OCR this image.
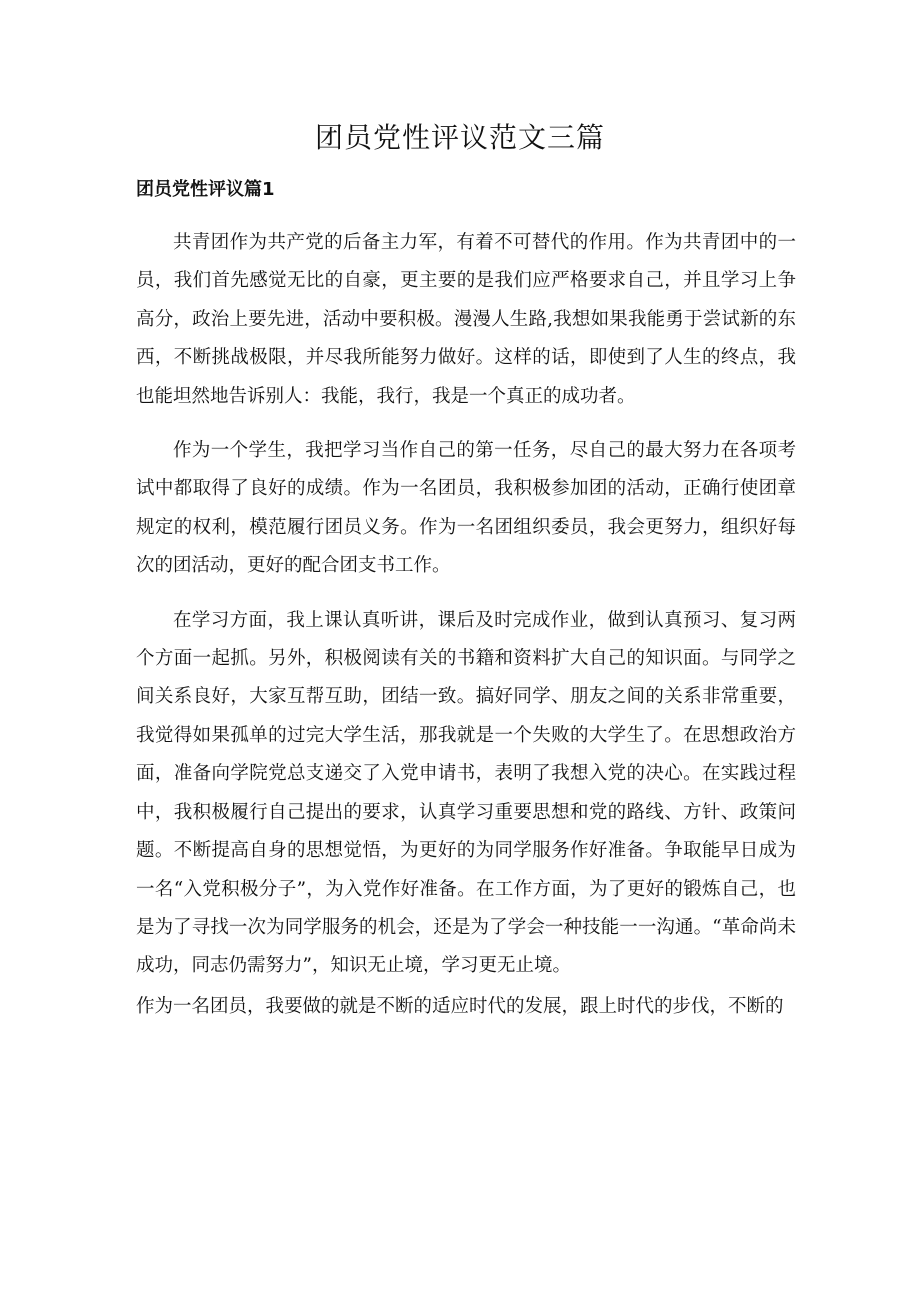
团员党性评议范文三篇
团员党性评议篇1

共青团作为共产党的后备主力军，有着不可替代的作用。作为共青团中的一员，我们首先感觉无比的自豪，更主要的是我们应严格要求自己，并且学习上争高分，政治上要先进，活动中要积极。漫漫人生路,我想如果我能勇于尝试新的东西，不断挑战极限，并尽我所能努力做好。这样的话，即使到了人生的终点，我也能坦然地告诉别人：我能，我行，我是一个真正的成功者。

作为一个学生，我把学习当作自己的第一任务，尽自己的最大努力在各项考试中都取得了良好的成绩。作为一名团员，我积极参加团的活动，正确行使团章规定的权利，模范履行团员义务。作为一名团组织委员，我会更努力，组织好每次的团活动，更好的配合团支书工作。

在学习方面，我上课认真听讲，课后及时完成作业，做到认真预习、复习两个方面一起抓。另外，积极阅读有关的书籍和资料扩大自己的知识面。与同学之间关系良好，大家互帮互助，团结一致。搞好同学、朋友之间的关系非常重要，我觉得如果孤单的过完大学生活，那我就是一个失败的大学生了。在思想政治方面，准备向学院党总支递交了入党申请书，表明了我想入党的决心。在实践过程中，我积极履行自己提出的要求，认真学习重要思想和党的路线、方针、政策问题。不断提高自身的思想觉悟，为更好的为同学服务作好准备。争取能早日成为一名“入党积极分子”，为入党作好准备。在工作方面，为了更好的锻炼自己，也是为了寻找一次为同学服务的机会，还是为了学会一种技能一一沟通。“革命尚未成功，同志仍需努力”，知识无止境，学习更无止境。

作为一名团员，我要做的就是不断的适应时代的发展，跟上时代的步伐，不断的
